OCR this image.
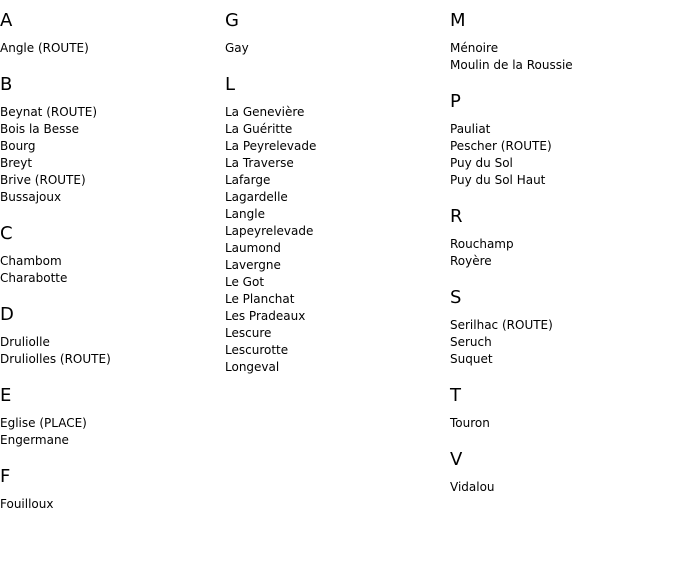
A
Angle (ROUTE)
B
Beynat (ROUTE)
Bois la Besse
Bourg
Breyt
Brive (ROUTE)
Bussajoux
C
Chambom
Charabotte
D
Druliolle
Druliolles (ROUTE)
E
Eglise (PLACE)
Engermane
F
Fouilloux
G
Gay
L
La Genevière
La Guéritte
La Peyrelevade
La Traverse
Lafarge
Lagardelle
Langle
Lapeyrelevade
Laumond
Lavergne
Le Got
Le Planchat
Les Pradeaux
Lescure
Lescurotte
Longeval
M
Ménoire
Moulin de la Roussie
P
Pauliat
Pescher (ROUTE)
Puy du Sol
Puy du Sol Haut
R
Rouchamp
Royère
S
Serilhac (ROUTE)
Seruch
Suquet
T
Touron
V
Vidalou
